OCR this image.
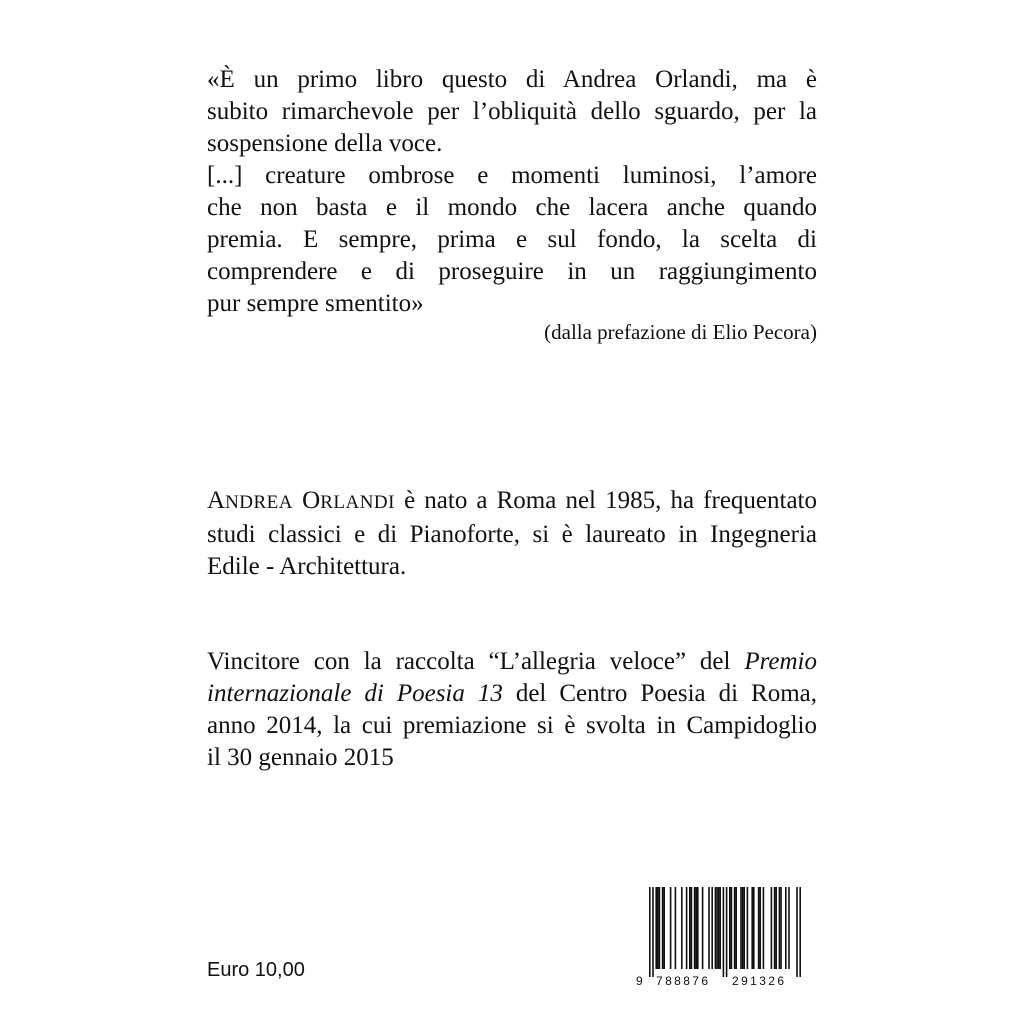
«È un primo libro questo di Andrea Orlandi, ma è
subito rimarchevole per l’obliquità dello sguardo, per la
sospensione della voce.
[...] creature ombrose e momenti luminosi, l’amore
che non basta e il mondo che lacera anche quando
premia. E sempre, prima e sul fondo, la scelta di
comprendere e di proseguire in un raggiungimento
pur sempre smentito»
(dalla prefazione di Elio Pecora)
ANDREA ORLANDI è nato a Roma nel 1985, ha frequentato
studi classici e di Pianoforte, si è laureato in Ingegneria
Edile - Architettura.
Vincitore con la raccolta “L’allegria veloce” del Premio
internazionale di Poesia 13 del Centro Poesia di Roma,
anno 2014, la cui premiazione si è svolta in Campidoglio
il 30 gennaio 2015
Euro 10,00	9 788876 291326
